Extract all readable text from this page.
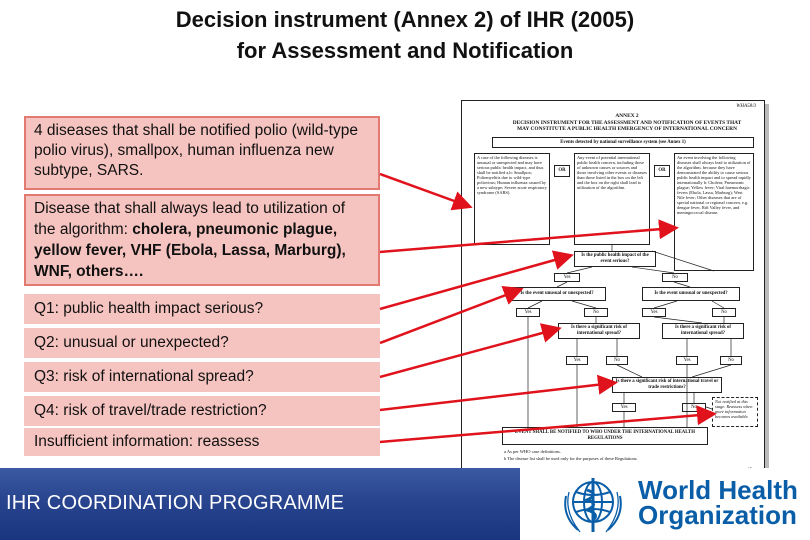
Decision instrument (Annex 2) of IHR (2005)
for Assessment and Notification
4 diseases that shall be notified polio (wild-type polio virus), smallpox, human influenza new subtype, SARS.
Disease that shall always lead to utilization of the algorithm: cholera, pneumonic plague, yellow fever, VHF (Ebola, Lassa, Marburg), WNF, others….
Q1: public health impact serious?
Q2: unusual or unexpected?
Q3: risk of international spread?
Q4: risk of travel/trade restriction?
Insufficient information: reassess
WHA58/3
ANNEX 2
DECISION INSTRUMENT FOR THE ASSESSMENT AND NOTIFICATION OF EVENTS THAT
MAY CONSTITUTE A PUBLIC HEALTH EMERGENCY OF INTERNATIONAL CONCERN
Events detected by national surveillance system (see Annex 1)
A case of the following diseases is unusual or unexpected and may have serious public health impact, and thus shall be notified a,b: Smallpox; Poliomyelitis due to wild-type poliovirus; Human influenza caused by a new subtype; Severe acute respiratory syndrome (SARS).
OR
Any event of potential international public health concern, including those of unknown causes or sources and those involving other events or diseases than those listed in the box on the left and the box on the right shall lead to utilization of the algorithm.
OR
An event involving the following diseases shall always lead to utilization of the algorithm, because they have demonstrated the ability to cause serious public health impact and to spread rapidly internationally b: Cholera; Pneumonic plague; Yellow fever; Viral haemorrhagic fevers (Ebola, Lassa, Marburg); West Nile fever; Other diseases that are of special national or regional concern, e.g. dengue fever, Rift Valley fever, and meningococcal disease.
Is the public health impact of the event serious?
Yes	No
Is the event unusual or unexpected?	Is the event unusual or unexpected?
Yes	No	Yes	No
Is there a significant risk of international spread?
Is there a significant risk of international spread?
Yes	No	Yes	No
Is there a significant risk of international travel or trade restrictions?
Yes	No
Not notified at this stage. Reassess when more information becomes available.
EVENT SHALL BE NOTIFIED TO WHO UNDER THE INTERNATIONAL HEALTH REGULATIONS
a As per WHO case definitions.
b The disease list shall be used only for the purposes of these Regulations.
IHR COORDINATION PROGRAMME	World Health
Organization
